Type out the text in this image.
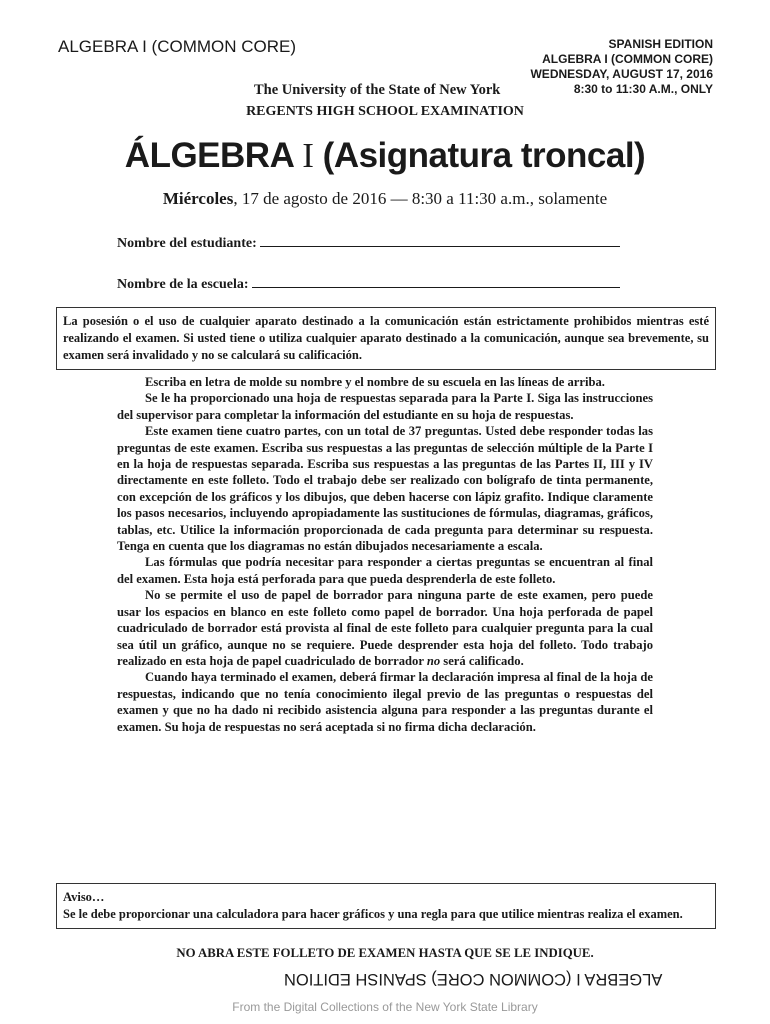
ALGEBRA I (COMMON CORE)	SPANISH EDITION
ALGEBRA I (COMMON CORE)
WEDNESDAY, AUGUST 17, 2016
8:30 to 11:30 A.M., ONLY
The University of the State of New York
REGENTS HIGH SCHOOL EXAMINATION
ÁLGEBRA I (Asignatura troncal)
Miércoles, 17 de agosto de 2016 — 8:30 a 11:30 a.m., solamente
Nombre del estudiante:
Nombre de la escuela:
La posesión o el uso de cualquier aparato destinado a la comunicación están estrictamente prohibidos mientras esté realizando el examen. Si usted tiene o utiliza cualquier aparato destinado a la comunicación, aunque sea brevemente, su examen será invalidado y no se calculará su calificación.

Escriba en letra de molde su nombre y el nombre de su escuela en las líneas de arriba.

Se le ha proporcionado una hoja de respuestas separada para la Parte I. Siga las instrucciones del supervisor para completar la información del estudiante en su hoja de respuestas.

Este examen tiene cuatro partes, con un total de 37 preguntas. Usted debe responder todas las preguntas de este examen. Escriba sus respuestas a las preguntas de selección múltiple de la Parte I en la hoja de respuestas separada. Escriba sus respuestas a las preguntas de las Partes II, III y IV directamente en este folleto. Todo el trabajo debe ser realizado con bolígrafo de tinta permanente, con excepción de los gráficos y los dibujos, que deben hacerse con lápiz grafito. Indique claramente los pasos necesarios, incluyendo apropiadamente las sustituciones de fórmulas, diagramas, gráficos, tablas, etc. Utilice la información proporcionada de cada pregunta para determinar su respuesta. Tenga en cuenta que los diagramas no están dibujados necesariamente a escala.

Las fórmulas que podría necesitar para responder a ciertas preguntas se encuentran al final del examen. Esta hoja está perforada para que pueda desprenderla de este folleto.

No se permite el uso de papel de borrador para ninguna parte de este examen, pero puede usar los espacios en blanco en este folleto como papel de borrador. Una hoja perforada de papel cuadriculado de borrador está provista al final de este folleto para cualquier pregunta para la cual sea útil un gráfico, aunque no se requiere. Puede desprender esta hoja del folleto. Todo trabajo realizado en esta hoja de papel cuadriculado de borrador no será calificado.

Cuando haya terminado el examen, deberá firmar la declaración impresa al final de la hoja de respuestas, indicando que no tenía conocimiento ilegal previo de las preguntas o respuestas del examen y que no ha dado ni recibido asistencia alguna para responder a las preguntas durante el examen. Su hoja de respuestas no será aceptada si no firma dicha declaración.

Aviso…
Se le debe proporcionar una calculadora para hacer gráficos y una regla para que utilice mientras realiza el examen.
NO ABRA ESTE FOLLETO DE EXAMEN HASTA QUE SE LE INDIQUE.
ALGEBRA I (COMMON CORE) SPANISH EDITION
From the Digital Collections of the New York State Library
